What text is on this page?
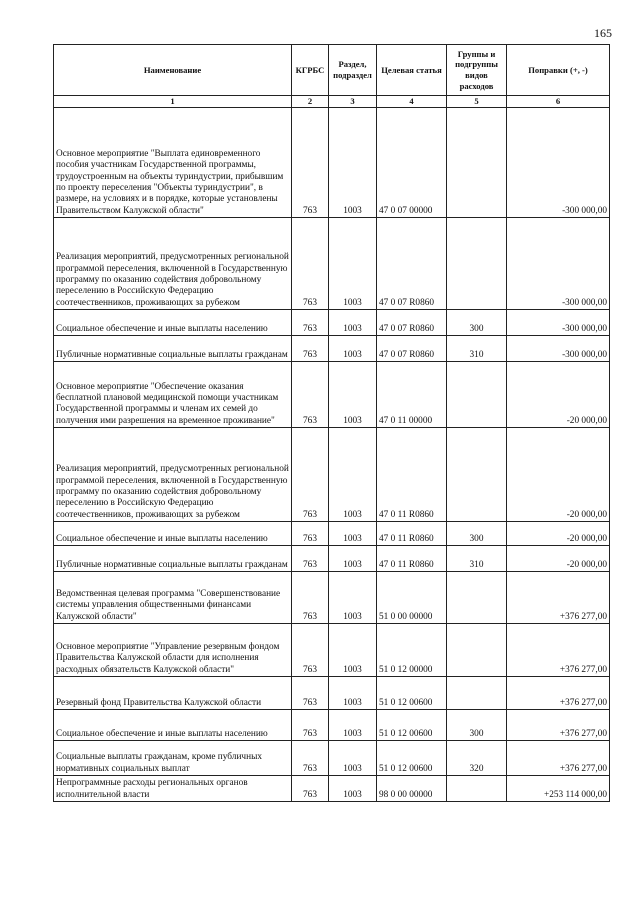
165
Наименование	КГРБС	Раздел, подраздел	Целевая статья	Группы и подгруппы видов расходов	Поправки (+, -)
1	2	3	4	5	6
Основное мероприятие "Выплата единовременного пособия участникам Государственной программы, трудоустроенным на объекты туриндустрии, прибывшим по проекту переселения "Объекты туриндустрии", в размере, на условиях и в порядке, которые установлены Правительством Калужской области"	763	1003	47 0 07 00000		-300 000,00
Реализация мероприятий, предусмотренных региональной программой переселения, включенной в Государственную программу по оказанию содействия добровольному переселению в Российскую Федерацию соотечественников, проживающих за рубежом	763	1003	47 0 07 R0860		-300 000,00
Социальное обеспечение и иные выплаты населению	763	1003	47 0 07 R0860	300	-300 000,00
Публичные нормативные социальные выплаты гражданам	763	1003	47 0 07 R0860	310	-300 000,00
Основное мероприятие "Обеспечение оказания бесплатной плановой медицинской помощи участникам Государственной программы и членам их семей до получения ими разрешения на временное проживание"	763	1003	47 0 11 00000		-20 000,00
Реализация мероприятий, предусмотренных региональной программой переселения, включенной в Государственную программу по оказанию содействия добровольному переселению в Российскую Федерацию соотечественников, проживающих за рубежом	763	1003	47 0 11 R0860		-20 000,00
Социальное обеспечение и иные выплаты населению	763	1003	47 0 11 R0860	300	-20 000,00
Публичные нормативные социальные выплаты гражданам	763	1003	47 0 11 R0860	310	-20 000,00
Ведомственная целевая программа "Совершенствование системы управления общественными финансами Калужской области"	763	1003	51 0 00 00000		+376 277,00
Основное мероприятие "Управление резервным фондом Правительства Калужской области для исполнения расходных обязательств Калужской области"	763	1003	51 0 12 00000		+376 277,00
Резервный фонд Правительства Калужской области	763	1003	51 0 12 00600		+376 277,00
Социальное обеспечение и иные выплаты населению	763	1003	51 0 12 00600	300	+376 277,00
Социальные выплаты гражданам, кроме публичных нормативных социальных выплат	763	1003	51 0 12 00600	320	+376 277,00
Непрограммные расходы региональных органов исполнительной власти	763	1003	98 0 00 00000		+253 114 000,00
